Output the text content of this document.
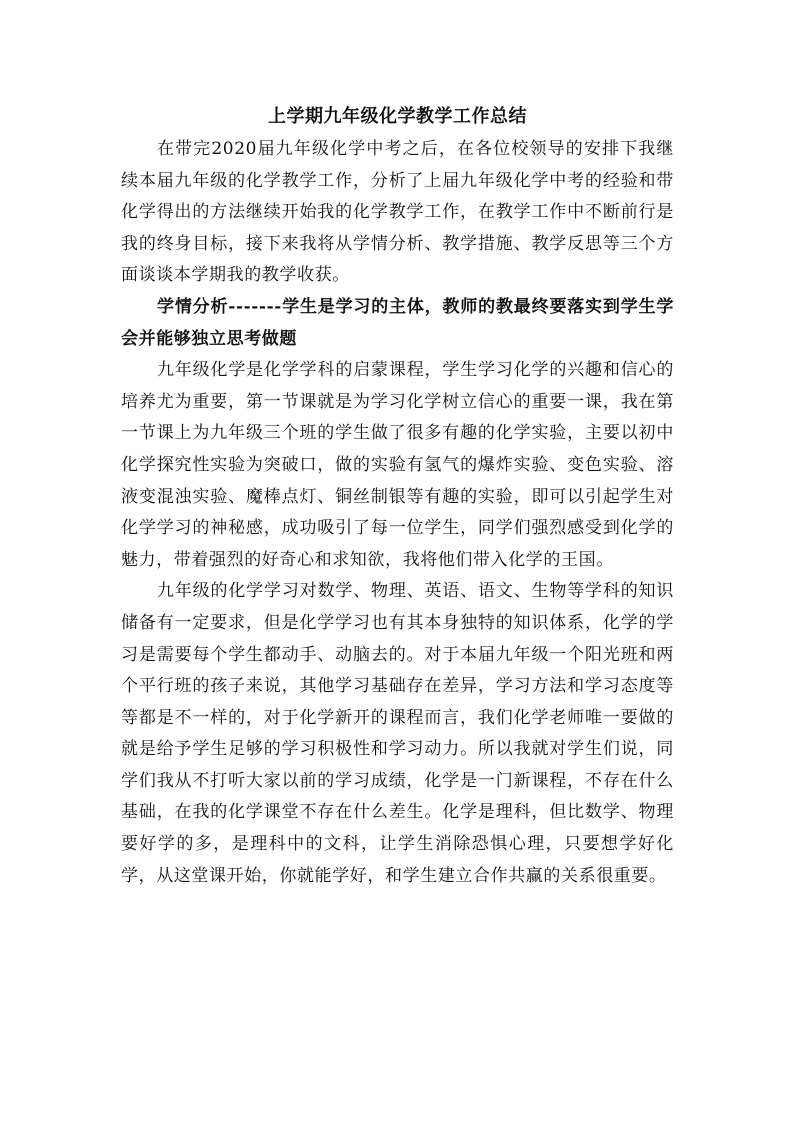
上学期九年级化学教学工作总结

在带完2020届九年级化学中考之后，在各位校领导的安排下我继续本届九年级的化学教学工作，分析了上届九年级化学中考的经验和带化学得出的方法继续开始我的化学教学工作，在教学工作中不断前行是我的终身目标，接下来我将从学情分析、教学措施、教学反思等三个方面谈谈本学期我的教学收获。

学情分析-------学生是学习的主体，教师的教最终要落实到学生学会并能够独立思考做题

九年级化学是化学学科的启蒙课程，学生学习化学的兴趣和信心的培养尤为重要，第一节课就是为学习化学树立信心的重要一课，我在第一节课上为九年级三个班的学生做了很多有趣的化学实验，主要以初中化学探究性实验为突破口，做的实验有氢气的爆炸实验、变色实验、溶液变混浊实验、魔棒点灯、铜丝制银等有趣的实验，即可以引起学生对化学学习的神秘感，成功吸引了每一位学生，同学们强烈感受到化学的魅力，带着强烈的好奇心和求知欲，我将他们带入化学的王国。

九年级的化学学习对数学、物理、英语、语文、生物等学科的知识储备有一定要求，但是化学学习也有其本身独特的知识体系，化学的学习是需要每个学生都动手、动脑去的。对于本届九年级一个阳光班和两个平行班的孩子来说，其他学习基础存在差异，学习方法和学习态度等等都是不一样的，对于化学新开的课程而言，我们化学老师唯一要做的就是给予学生足够的学习积极性和学习动力。所以我就对学生们说，同学们我从不打听大家以前的学习成绩，化学是一门新课程，不存在什么基础，在我的化学课堂不存在什么差生。化学是理科，但比数学、物理要好学的多，是理科中的文科，让学生消除恐惧心理，只要想学好化学，从这堂课开始，你就能学好，和学生建立合作共赢的关系很重要。
